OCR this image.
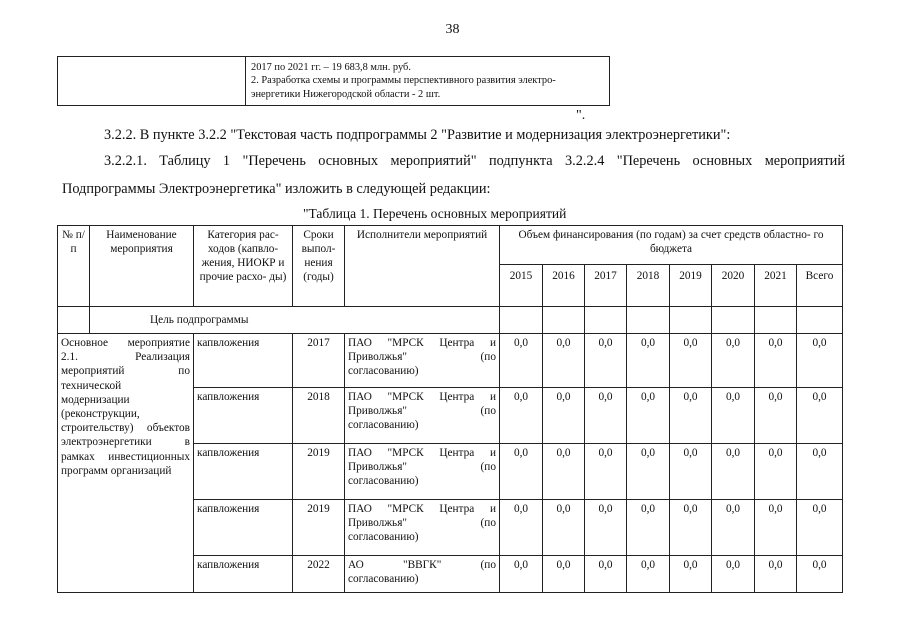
38
2017 по 2021 гг. – 19 683,8 млн. руб.
2. Разработка схемы и программы перспективного развития электро-
энергетики Нижегородской области - 2 шт.
".
3.2.2. В пункте 3.2.2 "Текстовая часть подпрограммы 2 "Развитие и модернизация электроэнергетики":
3.2.2.1. Таблицу 1 "Перечень основных мероприятий" подпункта 3.2.2.4 "Перечень основных мероприятий
Подпрограммы Электроэнергетика" изложить в следующей редакции:
"Таблица 1. Перечень основных мероприятий
№ п/п	Наименование мероприятия	Категория рас- ходов (капвло- жения, НИОКР и прочие расхо- ды)	Сроки выпол- нения (годы)	Исполнители мероприятий	Объем финансирования (по годам) за счет средств областно- го бюджета							
					2015	2016	2017	2018	2019	2020	2021	Всего
	Цель подпрограммы											
Основное мероприятие 2.1. Реализация мероприятий по технической модернизации (реконструкции, строительству) объектов электроэнергетики в рамках инвестиционных программ организаций		капвложения	2017	ПАО "МРСК Центра и Приволжья" (по согласованию)	0,0	0,0	0,0	0,0	0,0	0,0	0,0	0,0
		капвложения	2018	ПАО "МРСК Центра и Приволжья" (по согласованию)	0,0	0,0	0,0	0,0	0,0	0,0	0,0	0,0
		капвложения	2019	ПАО "МРСК Центра и Приволжья" (по согласованию)	0,0	0,0	0,0	0,0	0,0	0,0	0,0	0,0
		капвложения	2019	ПАО "МРСК Центра и Приволжья" (по согласованию)	0,0	0,0	0,0	0,0	0,0	0,0	0,0	0,0
		капвложения	2022	АО "ВВГК" (по согласованию)	0,0	0,0	0,0	0,0	0,0	0,0	0,0	0,0
